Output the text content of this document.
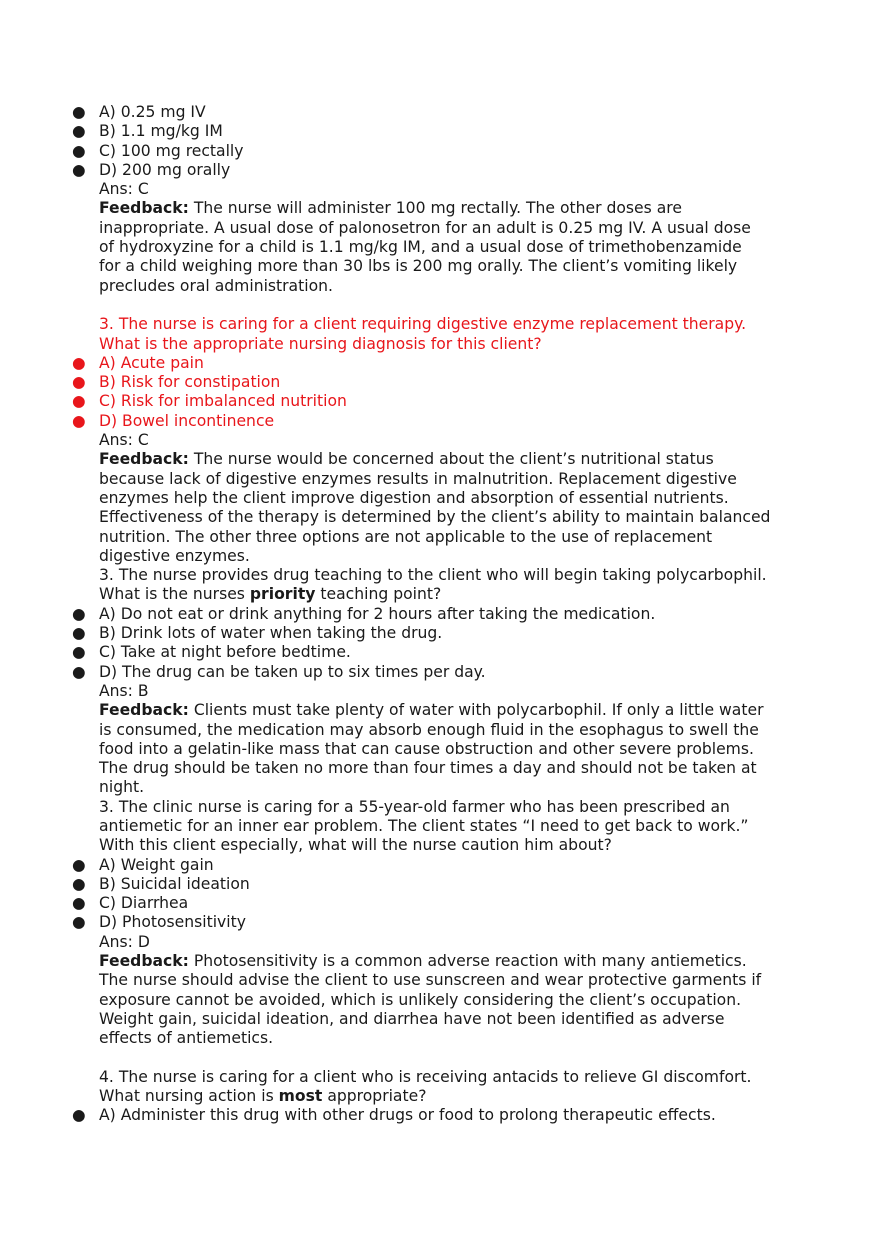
● A) 0.25 mg IV
● B) 1.1 mg/kg IM
● C) 100 mg rectally
● D) 200 mg orally
Ans: C
Feedback: The nurse will administer 100 mg rectally. The other doses are
inappropriate. A usual dose of palonosetron for an adult is 0.25 mg IV. A usual dose
of hydroxyzine for a child is 1.1 mg/kg IM, and a usual dose of trimethobenzamide
for a child weighing more than 30 lbs is 200 mg orally. The client’s vomiting likely
precludes oral administration.
3. The nurse is caring for a client requiring digestive enzyme replacement therapy.
What is the appropriate nursing diagnosis for this client?
● A) Acute pain
● B) Risk for constipation
● C) Risk for imbalanced nutrition
● D) Bowel incontinence
Ans: C
Feedback: The nurse would be concerned about the client’s nutritional status
because lack of digestive enzymes results in malnutrition. Replacement digestive
enzymes help the client improve digestion and absorption of essential nutrients.
Effectiveness of the therapy is determined by the client’s ability to maintain balanced
nutrition. The other three options are not applicable to the use of replacement
digestive enzymes.
3. The nurse provides drug teaching to the client who will begin taking polycarbophil.
What is the nurses priority teaching point?
● A) Do not eat or drink anything for 2 hours after taking the medication.
● B) Drink lots of water when taking the drug.
● C) Take at night before bedtime.
● D) The drug can be taken up to six times per day.
Ans: B
Feedback: Clients must take plenty of water with polycarbophil. If only a little water
is consumed, the medication may absorb enough fluid in the esophagus to swell the
food into a gelatin-like mass that can cause obstruction and other severe problems.
The drug should be taken no more than four times a day and should not be taken at
night.
3. The clinic nurse is caring for a 55-year-old farmer who has been prescribed an
antiemetic for an inner ear problem. The client states “I need to get back to work.”
With this client especially, what will the nurse caution him about?
● A) Weight gain
● B) Suicidal ideation
● C) Diarrhea
● D) Photosensitivity
Ans: D
Feedback: Photosensitivity is a common adverse reaction with many antiemetics.
The nurse should advise the client to use sunscreen and wear protective garments if
exposure cannot be avoided, which is unlikely considering the client’s occupation.
Weight gain, suicidal ideation, and diarrhea have not been identified as adverse
effects of antiemetics.
4. The nurse is caring for a client who is receiving antacids to relieve GI discomfort.
What nursing action is most appropriate?
● A) Administer this drug with other drugs or food to prolong therapeutic effects.
